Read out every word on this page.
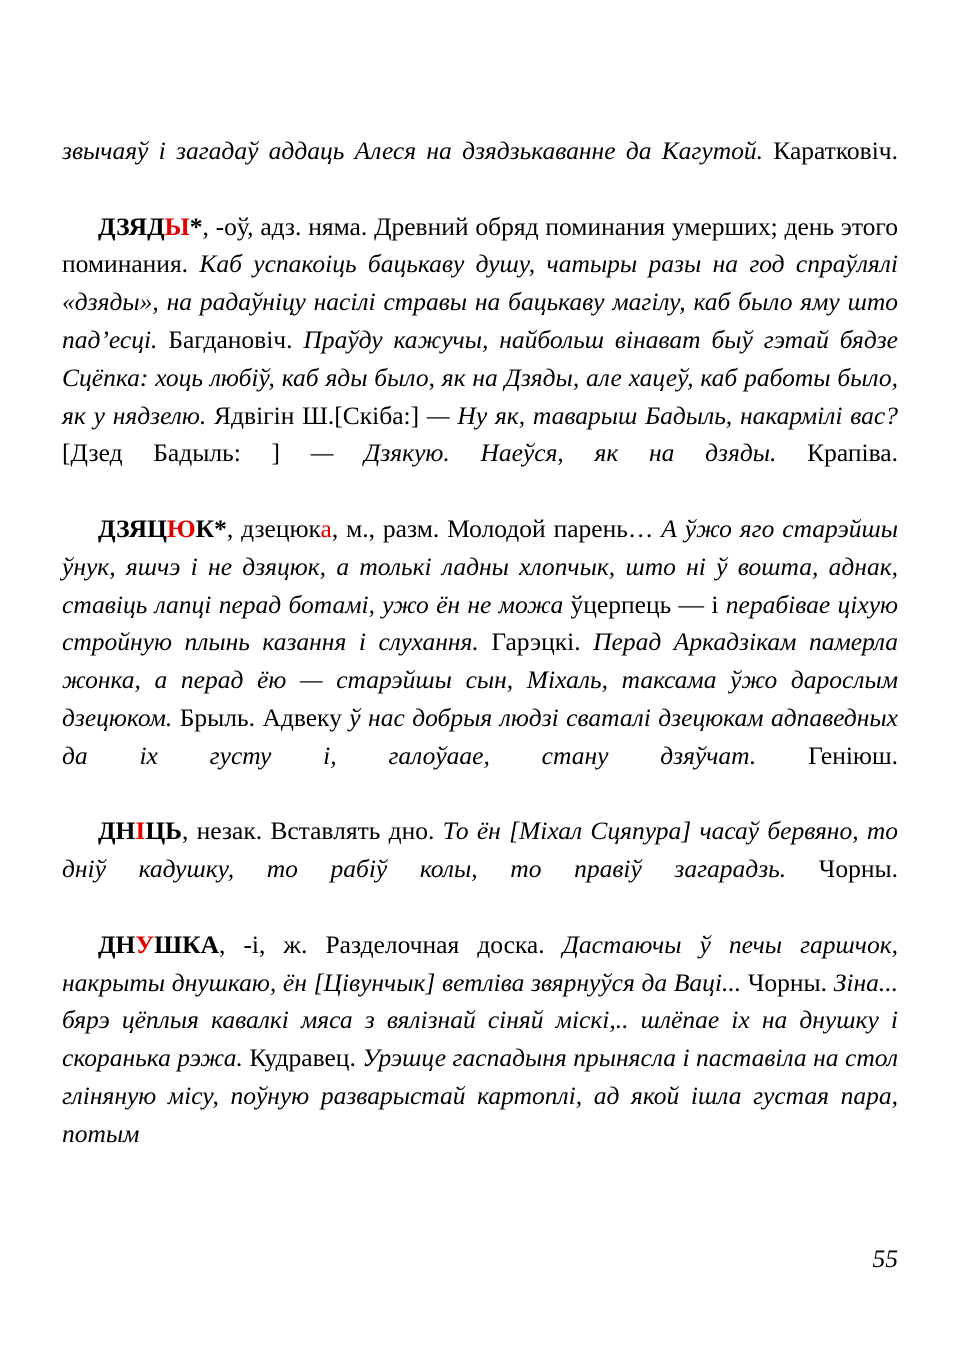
звычаяў і загадаў аддаць Алеся на дзядзькаванне да Кагутой. Каратковіч.

ДЗЯДЫ*, -оў, адз. няма. Древний обряд поминания умерших; день этого поминания. Каб успакоіць бацькаву душу, чатыры разы на год спраўлялі «дзяды», на радаўніцу насілі стравы на бацькаву магілу, каб было яму што пад’есці. Багдановіч. Праўду кажучы, найбольш вінават быў гэтай бядзе Сцёпка: хоць любіў, каб яды было, як на Дзяды, але хацеў, каб работы было, як у нядзелю. Ядвігін Ш.[Скіба:] — Ну як, таварыш Бадыль, накармілі вас? [Дзед Бадыль: ] — Дзякую. Наеўся, як на дзяды. Крапіва.

ДЗЯЦЮК*, дзецюка, м., разм. Молодой парень… А ўжо яго старэйшы ўнук, яшчэ і не дзяцюк, а толькі ладны хлопчык, што ні ў вошта, аднак, ставіць лапці перад ботамі, ужо ён не можа ўцерпець — і перабівае ціхую стройную плынь казання і слухання. Гарэцкі. Перад Аркадзікам памерла жонка, а перад ёю — старэйшы сын, Міхаль, таксама ўжо дарослым дзецюком. Брыль. Адвеку ў нас добрыя людзі сваталі дзецюкам адпаведных да іх густу і, галоўаае, стану дзяўчат. Геніюш.

ДНІЦЬ, незак. Вставлять дно. То ён [Міхал Сцяпура] часаў бервяно, то дніў кадушку, то рабіў колы, то правіў загарадзь. Чорны.

ДНУШКА, -і, ж. Разделочная доска. Дастаючы ў печы гаршчок, накрыты днушкаю, ён [Цівунчык] ветліва звярнуўся да Ваці... Чорны. Зіна... бярэ цёплыя кавалкі мяса з вялізнай сіняй міскі,.. шлёпае іх на днушку і скоранька рэжа. Кудравец. Урэшце гаспадыня прынясла і паставіла на стол гліняную місу, поўную разварыстай картоплі, ад якой ішла густая пара, потым

55
